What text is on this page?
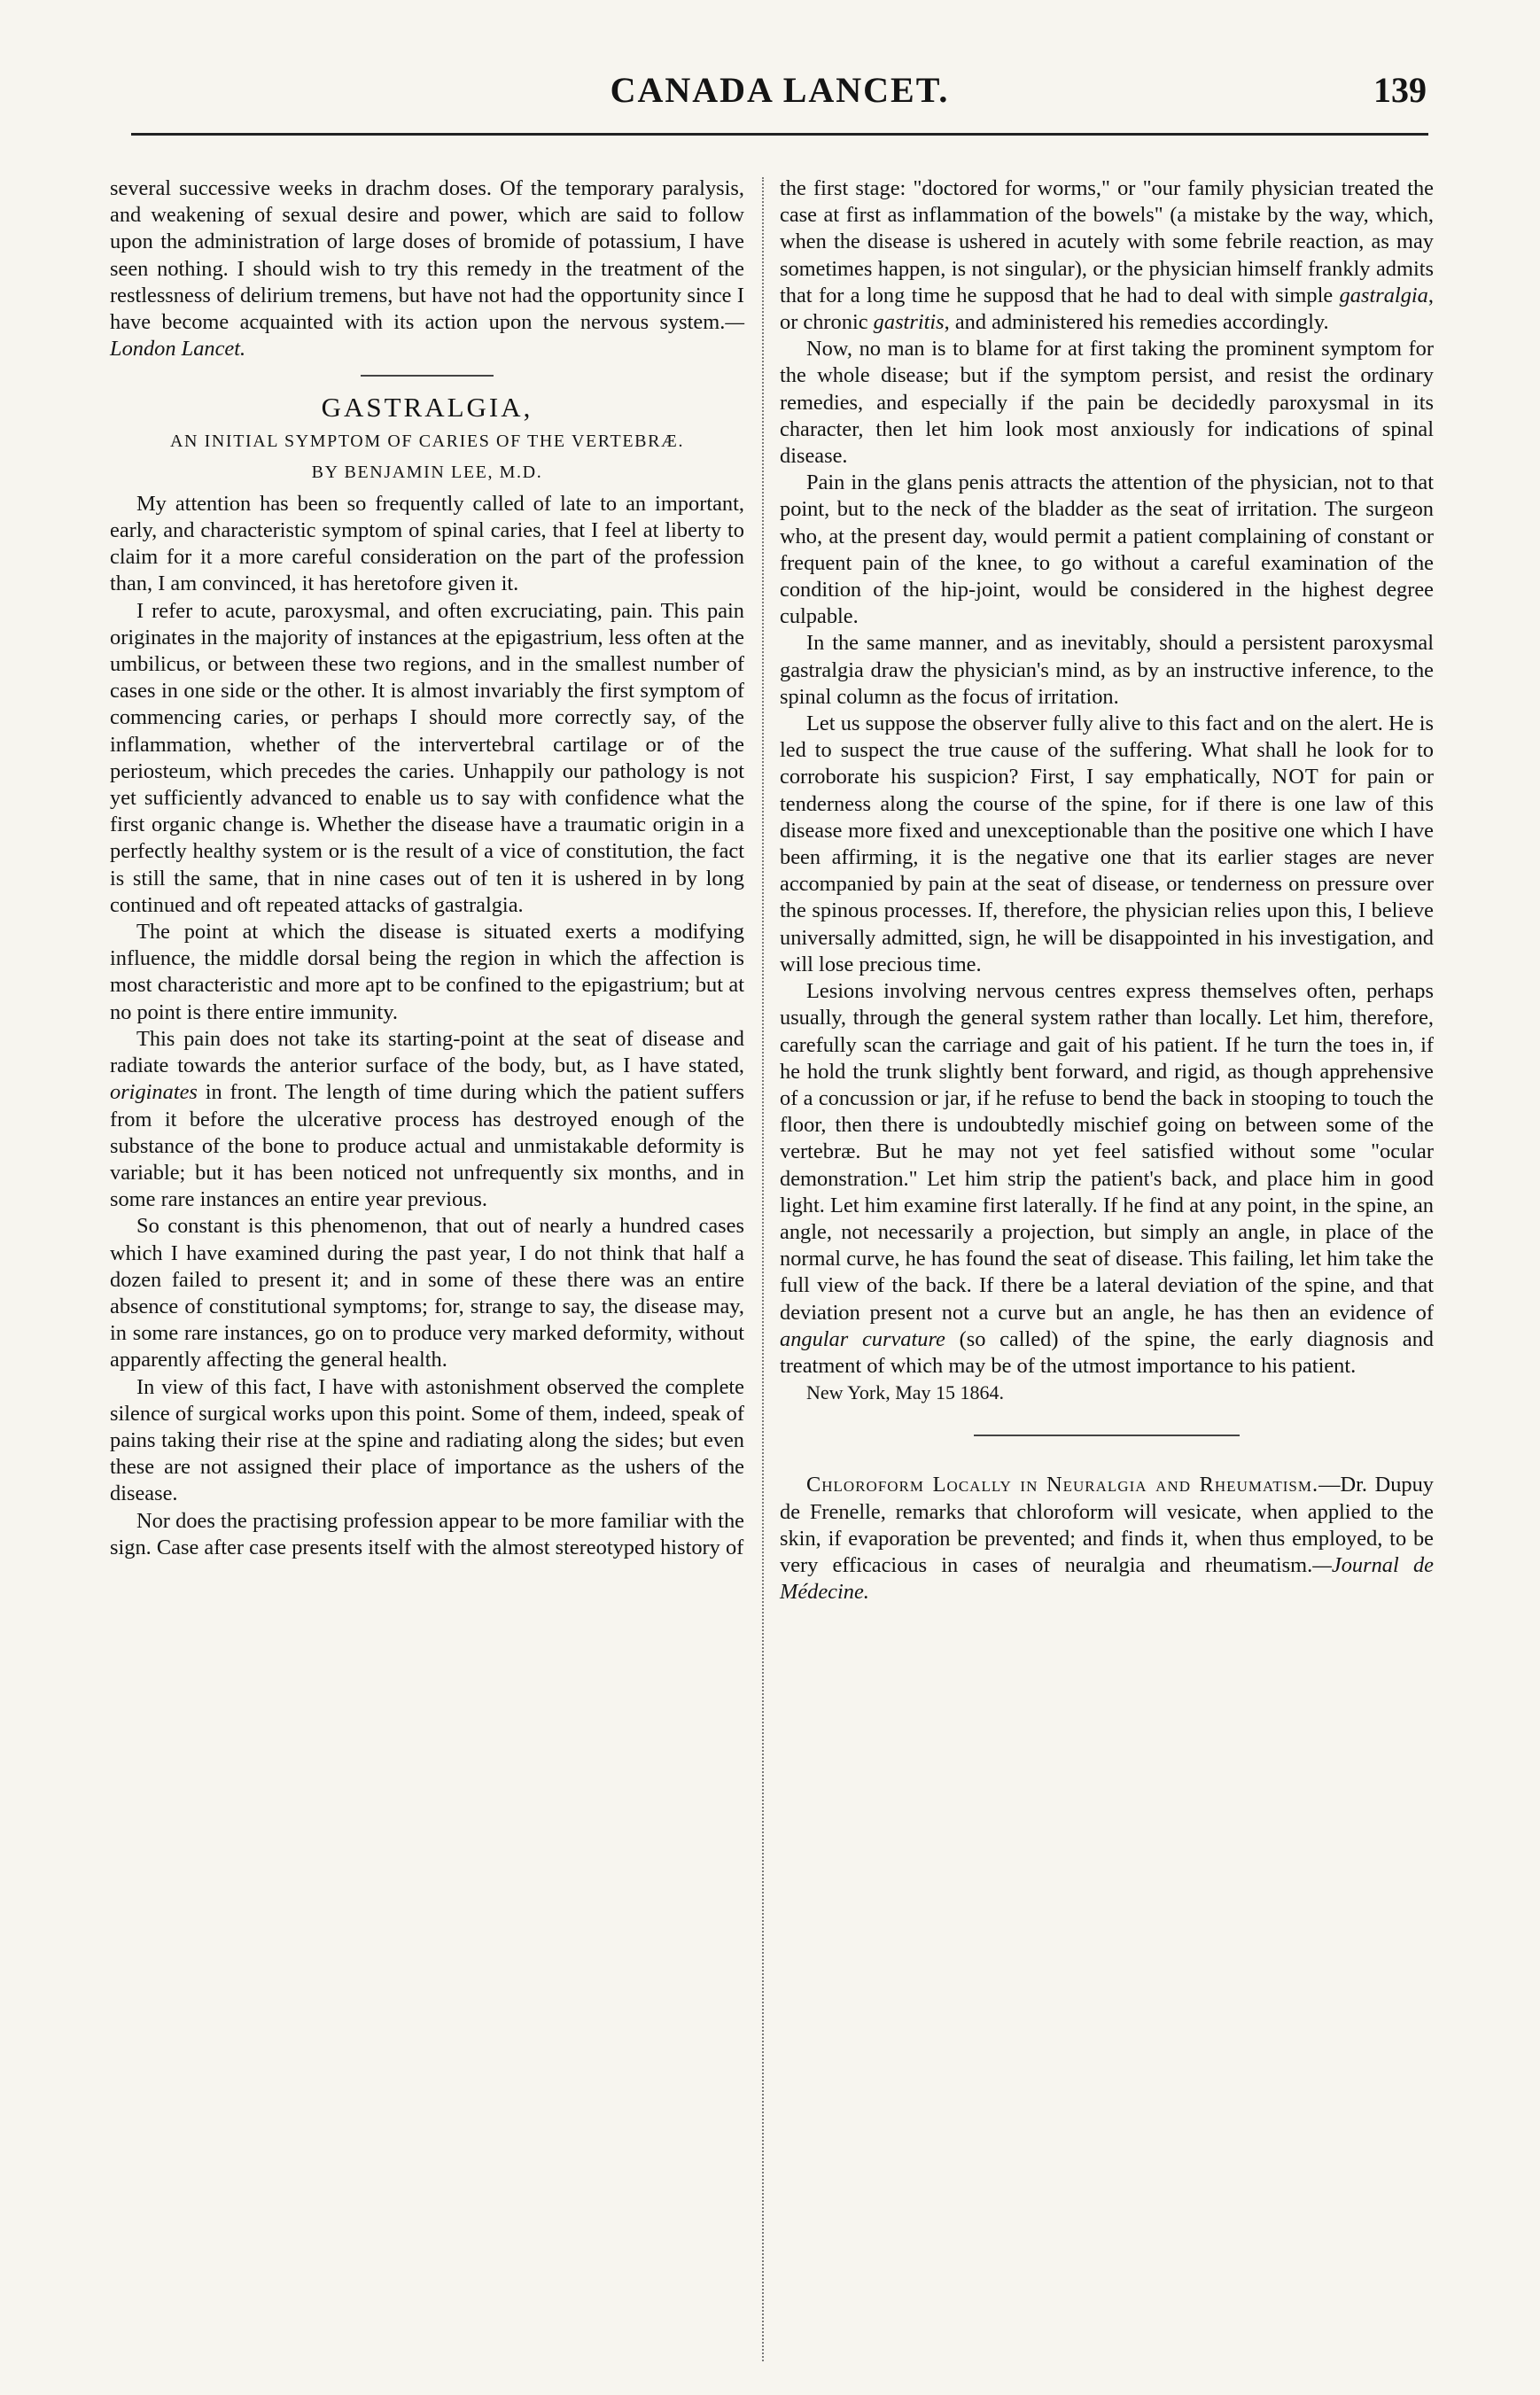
CANADA LANCET.	139

several successive weeks in drachm doses. Of the temporary paralysis, and weakening of sexual desire and power, which are said to follow upon the administration of large doses of bromide of potassium, I have seen nothing. I should wish to try this remedy in the treatment of the restlessness of delirium tremens, but have not had the opportunity since I have become acquainted with its action upon the nervous system.—London Lancet.

GASTRALGIA,
AN INITIAL SYMPTOM OF CARIES OF THE VERTEBRÆ.
BY BENJAMIN LEE, M.D.

My attention has been so frequently called of late to an important, early, and characteristic symptom of spinal caries, that I feel at liberty to claim for it a more careful consideration on the part of the profession than, I am convinced, it has heretofore given it.

I refer to acute, paroxysmal, and often excruciating, pain. This pain originates in the majority of instances at the epigastrium, less often at the umbilicus, or between these two regions, and in the smallest number of cases in one side or the other. It is almost invariably the first symptom of commencing caries, or perhaps I should more correctly say, of the inflammation, whether of the intervertebral cartilage or of the periosteum, which precedes the caries. Unhappily our pathology is not yet sufficiently advanced to enable us to say with confidence what the first organic change is. Whether the disease have a traumatic origin in a perfectly healthy system or is the result of a vice of constitution, the fact is still the same, that in nine cases out of ten it is ushered in by long continued and oft repeated attacks of gastralgia.

The point at which the disease is situated exerts a modifying influence, the middle dorsal being the region in which the affection is most characteristic and more apt to be confined to the epigastrium; but at no point is there entire immunity.

This pain does not take its starting-point at the seat of disease and radiate towards the anterior surface of the body, but, as I have stated, originates in front. The length of time during which the patient suffers from it before the ulcerative process has destroyed enough of the substance of the bone to produce actual and unmistakable deformity is variable; but it has been noticed not unfrequently six months, and in some rare instances an entire year previous.

So constant is this phenomenon, that out of nearly a hundred cases which I have examined during the past year, I do not think that half a dozen failed to present it; and in some of these there was an entire absence of constitutional symptoms; for, strange to say, the disease may, in some rare instances, go on to produce very marked deformity, without apparently affecting the general health.

In view of this fact, I have with astonishment observed the complete silence of surgical works upon this point. Some of them, indeed, speak of pains taking their rise at the spine and radiating along the sides; but even these are not assigned their place of importance as the ushers of the disease.

Nor does the practising profession appear to be more familiar with the sign. Case after case presents itself with the almost stereotyped history of

the first stage: "doctored for worms," or "our family physician treated the case at first as inflammation of the bowels" (a mistake by the way, which, when the disease is ushered in acutely with some febrile reaction, as may sometimes happen, is not singular), or the physician himself frankly admits that for a long time he supposd that he had to deal with simple gastralgia, or chronic gastritis, and administered his remedies accordingly.

Now, no man is to blame for at first taking the prominent symptom for the whole disease; but if the symptom persist, and resist the ordinary remedies, and especially if the pain be decidedly paroxysmal in its character, then let him look most anxiously for indications of spinal disease.

Pain in the glans penis attracts the attention of the physician, not to that point, but to the neck of the bladder as the seat of irritation. The surgeon who, at the present day, would permit a patient complaining of constant or frequent pain of the knee, to go without a careful examination of the condition of the hip-joint, would be considered in the highest degree culpable.

In the same manner, and as inevitably, should a persistent paroxysmal gastralgia draw the physician's mind, as by an instructive inference, to the spinal column as the focus of irritation.

Let us suppose the observer fully alive to this fact and on the alert. He is led to suspect the true cause of the suffering. What shall he look for to corroborate his suspicion? First, I say emphatically, NOT for pain or tenderness along the course of the spine, for if there is one law of this disease more fixed and unexceptionable than the positive one which I have been affirming, it is the negative one that its earlier stages are never accompanied by pain at the seat of disease, or tenderness on pressure over the spinous processes. If, therefore, the physician relies upon this, I believe universally admitted, sign, he will be disappointed in his investigation, and will lose precious time.

Lesions involving nervous centres express themselves often, perhaps usually, through the general system rather than locally. Let him, therefore, carefully scan the carriage and gait of his patient. If he turn the toes in, if he hold the trunk slightly bent forward, and rigid, as though apprehensive of a concussion or jar, if he refuse to bend the back in stooping to touch the floor, then there is undoubtedly mischief going on between some of the vertebræ. But he may not yet feel satisfied without some "ocular demonstration." Let him strip the patient's back, and place him in good light. Let him examine first laterally. If he find at any point, in the spine, an angle, not necessarily a projection, but simply an angle, in place of the normal curve, he has found the seat of disease. This failing, let him take the full view of the back. If there be a lateral deviation of the spine, and that deviation present not a curve but an angle, he has then an evidence of angular curvature (so called) of the spine, the early diagnosis and treatment of which may be of the utmost importance to his patient.

New York, May 15 1864.

Chloroform Locally in Neuralgia and Rheumatism.—Dr. Dupuy de Frenelle, remarks that chloroform will vesicate, when applied to the skin, if evaporation be prevented; and finds it, when thus employed, to be very efficacious in cases of neuralgia and rheumatism.—Journal de Médecine.
